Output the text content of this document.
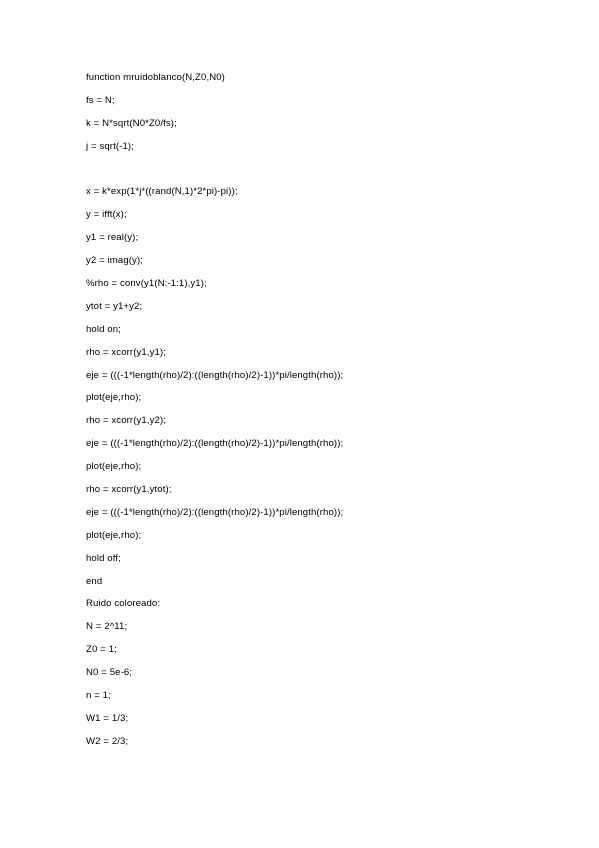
function mruidoblanco(N,Z0,N0)
fs = N;
k = N*sqrt(N0*Z0/fs);
j = sqrt(-1);
x = k*exp(1*j*((rand(N,1)*2*pi)-pi));
y = ifft(x);
y1 = real(y);
y2 = imag(y);
%rho = conv(y1(N:-1:1),y1);
ytot = y1+y2;
hold on;
rho = xcorr(y1,y1);
eje = (((-1*length(rho)/2):((length(rho)/2)-1))*pi/length(rho));
plot(eje,rho);
rho = xcorr(y1,y2);
eje = (((-1*length(rho)/2):((length(rho)/2)-1))*pi/length(rho));
plot(eje,rho);
rho = xcorr(y1,ytot);
eje = (((-1*length(rho)/2):((length(rho)/2)-1))*pi/length(rho));
plot(eje,rho);
hold off;
end
Ruido coloreado:
N = 2^11;
Z0 = 1;
N0 = 5e-6;
n = 1;
W1 = 1/3;
W2 = 2/3;
